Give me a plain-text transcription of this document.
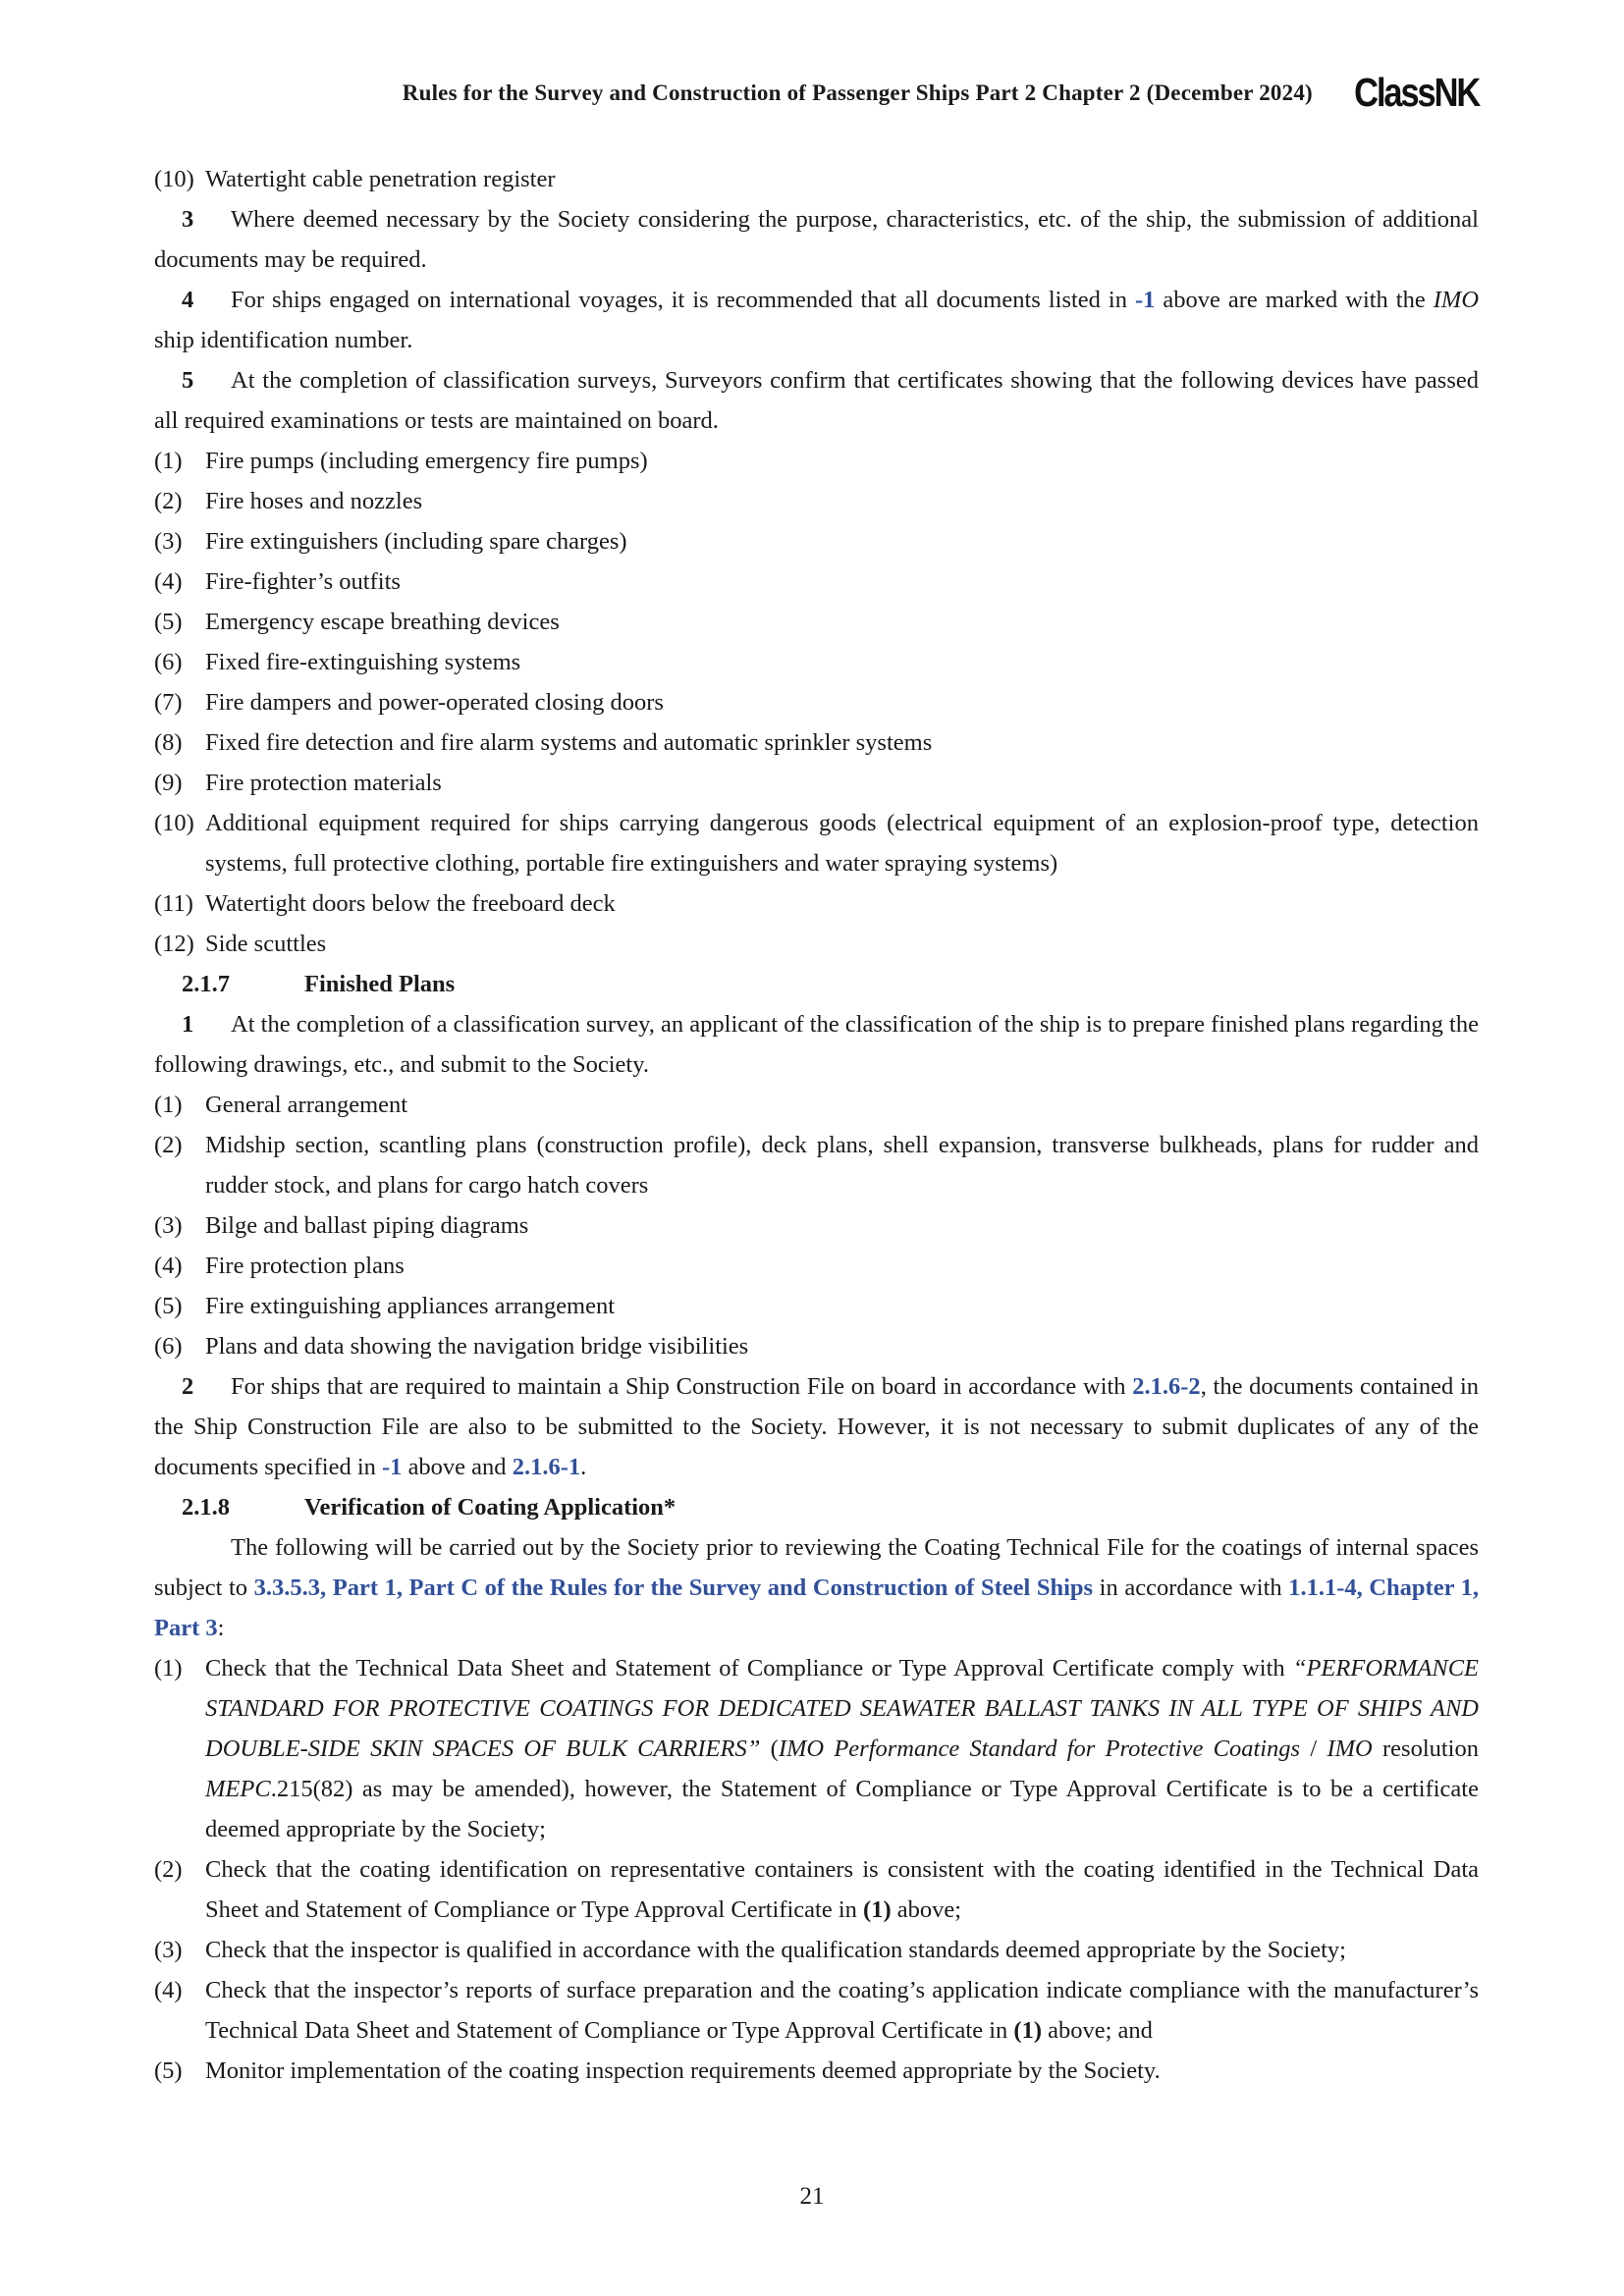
Rules for the Survey and Construction of Passenger Ships Part 2 Chapter 2 (December 2024) ClassNK
(10) Watertight cable penetration register
3 Where deemed necessary by the Society considering the purpose, characteristics, etc. of the ship, the submission of additional documents may be required.
4 For ships engaged on international voyages, it is recommended that all documents listed in -1 above are marked with the IMO ship identification number.
5 At the completion of classification surveys, Surveyors confirm that certificates showing that the following devices have passed all required examinations or tests are maintained on board.
(1) Fire pumps (including emergency fire pumps)
(2) Fire hoses and nozzles
(3) Fire extinguishers (including spare charges)
(4) Fire-fighter’s outfits
(5) Emergency escape breathing devices
(6) Fixed fire-extinguishing systems
(7) Fire dampers and power-operated closing doors
(8) Fixed fire detection and fire alarm systems and automatic sprinkler systems
(9) Fire protection materials
(10) Additional equipment required for ships carrying dangerous goods (electrical equipment of an explosion-proof type, detection systems, full protective clothing, portable fire extinguishers and water spraying systems)
(11) Watertight doors below the freeboard deck
(12) Side scuttles
2.1.7	Finished Plans
1 At the completion of a classification survey, an applicant of the classification of the ship is to prepare finished plans regarding the following drawings, etc., and submit to the Society.
(1) General arrangement
(2) Midship section, scantling plans (construction profile), deck plans, shell expansion, transverse bulkheads, plans for rudder and rudder stock, and plans for cargo hatch covers
(3) Bilge and ballast piping diagrams
(4) Fire protection plans
(5) Fire extinguishing appliances arrangement
(6) Plans and data showing the navigation bridge visibilities
2 For ships that are required to maintain a Ship Construction File on board in accordance with 2.1.6-2, the documents contained in the Ship Construction File are also to be submitted to the Society. However, it is not necessary to submit duplicates of any of the documents specified in -1 above and 2.1.6-1.
2.1.8	Verification of Coating Application*
The following will be carried out by the Society prior to reviewing the Coating Technical File for the coatings of internal spaces subject to 3.3.5.3, Part 1, Part C of the Rules for the Survey and Construction of Steel Ships in accordance with 1.1.1-4, Chapter 1, Part 3:
(1) Check that the Technical Data Sheet and Statement of Compliance or Type Approval Certificate comply with “PERFORMANCE STANDARD FOR PROTECTIVE COATINGS FOR DEDICATED SEAWATER BALLAST TANKS IN ALL TYPE OF SHIPS AND DOUBLE-SIDE SKIN SPACES OF BULK CARRIERS” (IMO Performance Standard for Protective Coatings / IMO resolution MEPC.215(82) as may be amended), however, the Statement of Compliance or Type Approval Certificate is to be a certificate deemed appropriate by the Society;
(2) Check that the coating identification on representative containers is consistent with the coating identified in the Technical Data Sheet and Statement of Compliance or Type Approval Certificate in (1) above;
(3) Check that the inspector is qualified in accordance with the qualification standards deemed appropriate by the Society;
(4) Check that the inspector’s reports of surface preparation and the coating’s application indicate compliance with the manufacturer’s Technical Data Sheet and Statement of Compliance or Type Approval Certificate in (1) above; and
(5) Monitor implementation of the coating inspection requirements deemed appropriate by the Society.
21
